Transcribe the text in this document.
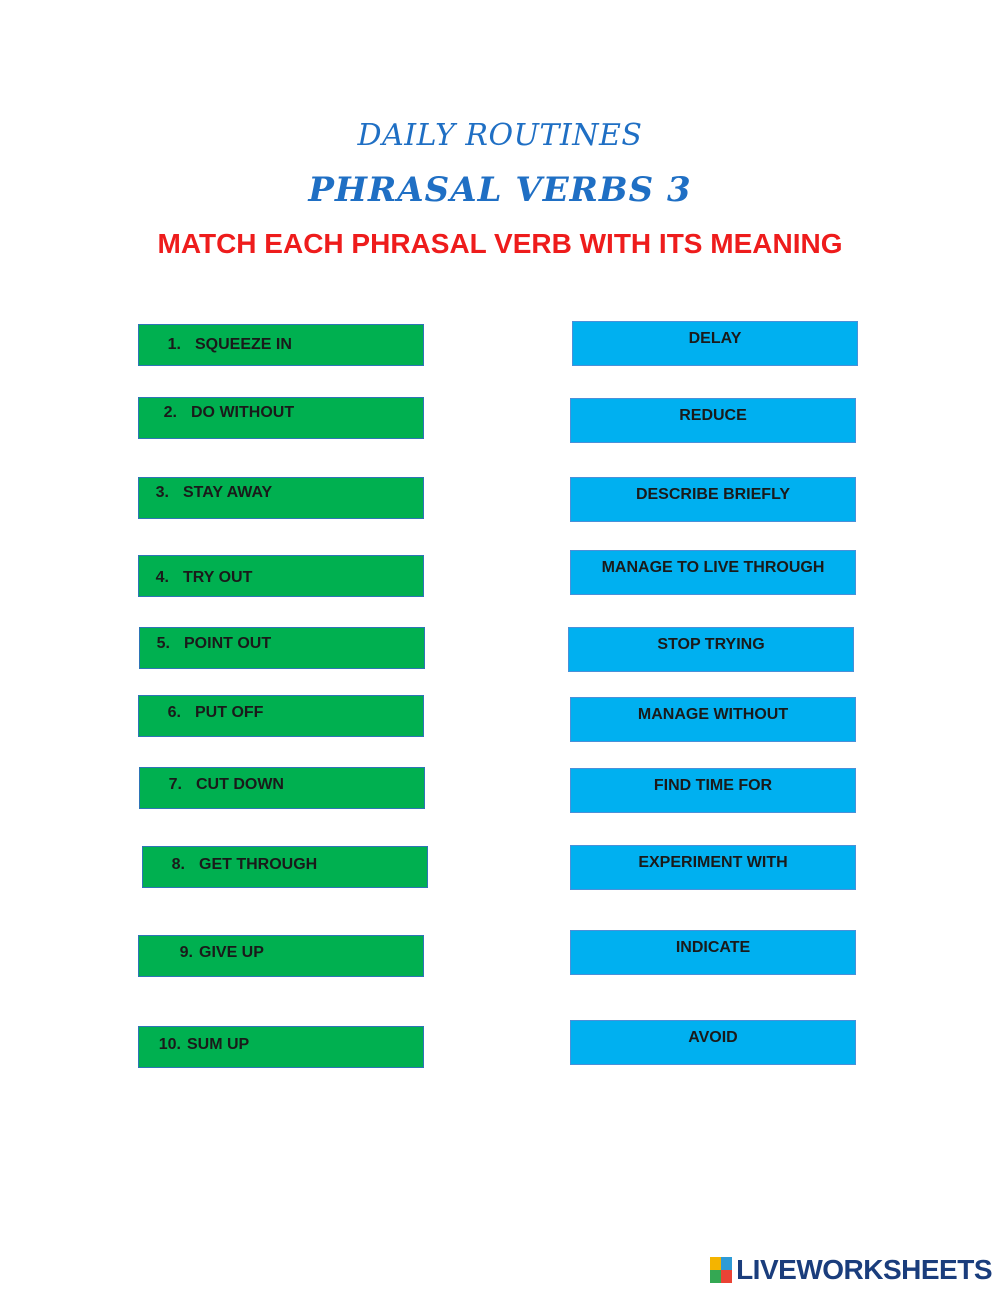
DAILY ROUTINES
PHRASAL VERBS 3
MATCH EACH PHRASAL VERB WITH ITS MEANING
1. SQUEEZE IN
2. DO WITHOUT
3. STAY AWAY
4. TRY OUT
5. POINT OUT
6. PUT OFF
7. CUT DOWN
8. GET THROUGH
9. GIVE UP
10. SUM UP
DELAY
REDUCE
DESCRIBE BRIEFLY
MANAGE TO LIVE THROUGH
STOP TRYING
MANAGE WITHOUT
FIND TIME FOR
EXPERIMENT WITH
INDICATE
AVOID
LIVEWORKSHEETS
